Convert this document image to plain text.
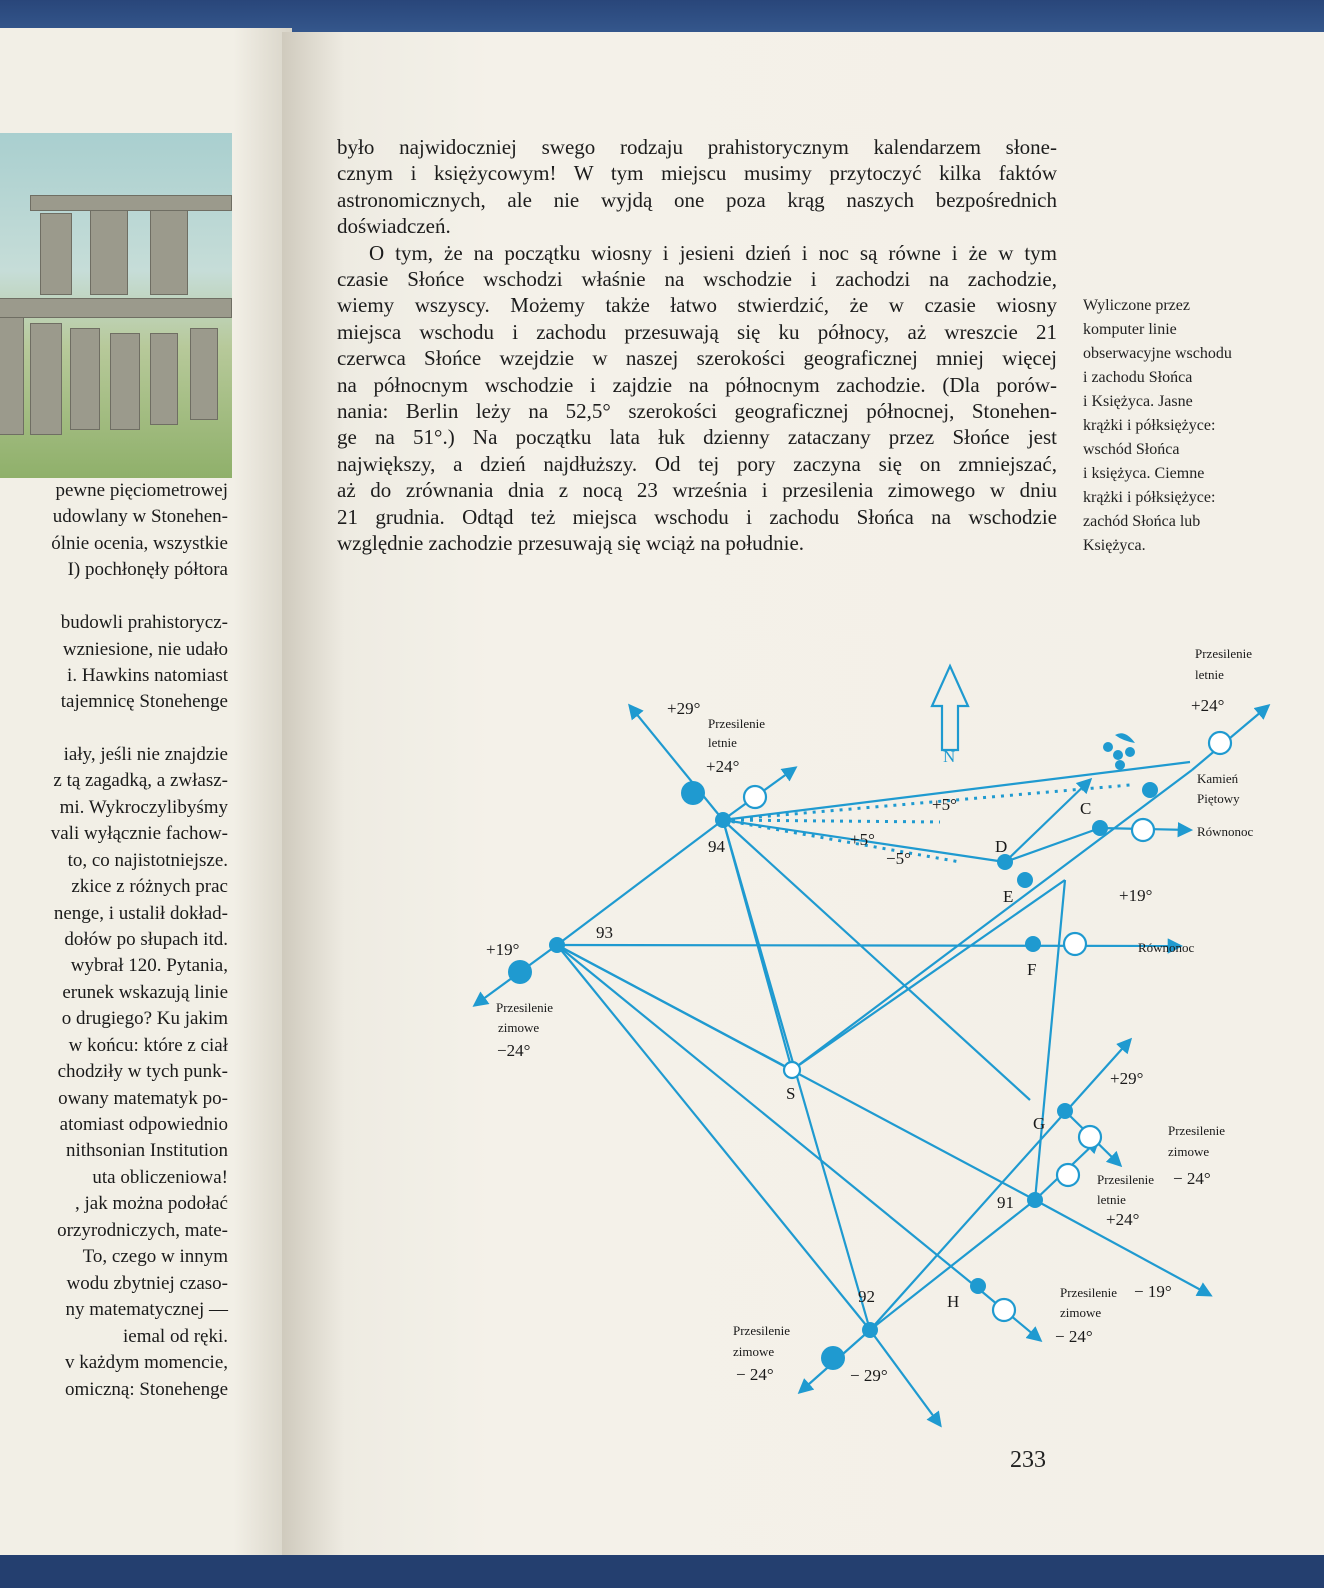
pewne pięciometrowej
udowlany w Stonehen-
ólnie ocenia, wszystkie
I) pochłonęły półtora
budowli prahistorycz-
wzniesione, nie udało
i. Hawkins natomiast
tajemnicę Stonehenge
iały, jeśli nie znajdzie
z tą zagadką, a zwłasz-
mi. Wykroczylibyśmy
vali wyłącznie fachow-
to, co najistotniejsze.
zkice z różnych prac
nenge, i ustalił dokład-
dołów po słupach itd.
wybrał 120. Pytania,
erunek wskazują linie
o drugiego? Ku jakim
w końcu: które z ciał
chodziły w tych punk-
owany matematyk po-
atomiast odpowiednio
nithsonian Institution
uta obliczeniowa!
, jak można podołać
orzyrodniczych, mate-
To, czego w innym
wodu zbytniej czaso-
ny matematycznej —
iemal od ręki.
v każdym momencie,
omiczną: Stonehenge

było najwidoczniej swego rodzaju prahistorycznym kalendarzem słone-
cznym i księżycowym! W tym miejscu musimy przytoczyć kilka faktów
astronomicznych, ale nie wyjdą one poza krąg naszych bezpośrednich
doświadczeń.

O tym, że na początku wiosny i jesieni dzień i noc są równe i że w tym
czasie Słońce wschodzi właśnie na wschodzie i zachodzi na zachodzie,
wiemy wszyscy. Możemy także łatwo stwierdzić, że w czasie wiosny
miejsca wschodu i zachodu przesuwają się ku północy, aż wreszcie 21
czerwca Słońce wzejdzie w naszej szerokości geograficznej mniej więcej
na północnym wschodzie i zajdzie na północnym zachodzie. (Dla porów-
nania: Berlin leży na 52,5° szerokości geograficznej północnej, Stonehen-
ge na 51°.) Na początku lata łuk dzienny zataczany przez Słońce jest
największy, a dzień najdłuższy. Od tej pory zaczyna się on zmniejszać,
aż do zrównania dnia z nocą 23 września i przesilenia zimowego w dniu
21 grudnia. Odtąd też miejsca wschodu i zachodu Słońca na wschodzie
względnie zachodzie przesuwają się wciąż na południe.

Wyliczone przez
komputer linie
obserwacyjne wschodu
i zachodu Słońca
i Księżyca. Jasne
krążki i półksiężyce:
wschód Słońca
i księżyca. Ciemne
krążki i półksiężyce:
zachód Słońca lub
Księżyca.
N
94
93
92
91
S
C
D
E
F
G
H
+29°
+24°
+5°
+5°
−5°
+19°
−24°
+24°
+19°
+29°
− 24°
+24°
− 19°
− 24°
− 24°	− 29°
Przesilenie
letnie
Przesilenie
zimowe
Przesilenie
letnie
Kamień
Piętowy
Równonoc
Równonoc
Przesilenie
zimowe
Przesilenie
letnie
Przesilenie
zimowe
Przesilenie
zimowe
233
